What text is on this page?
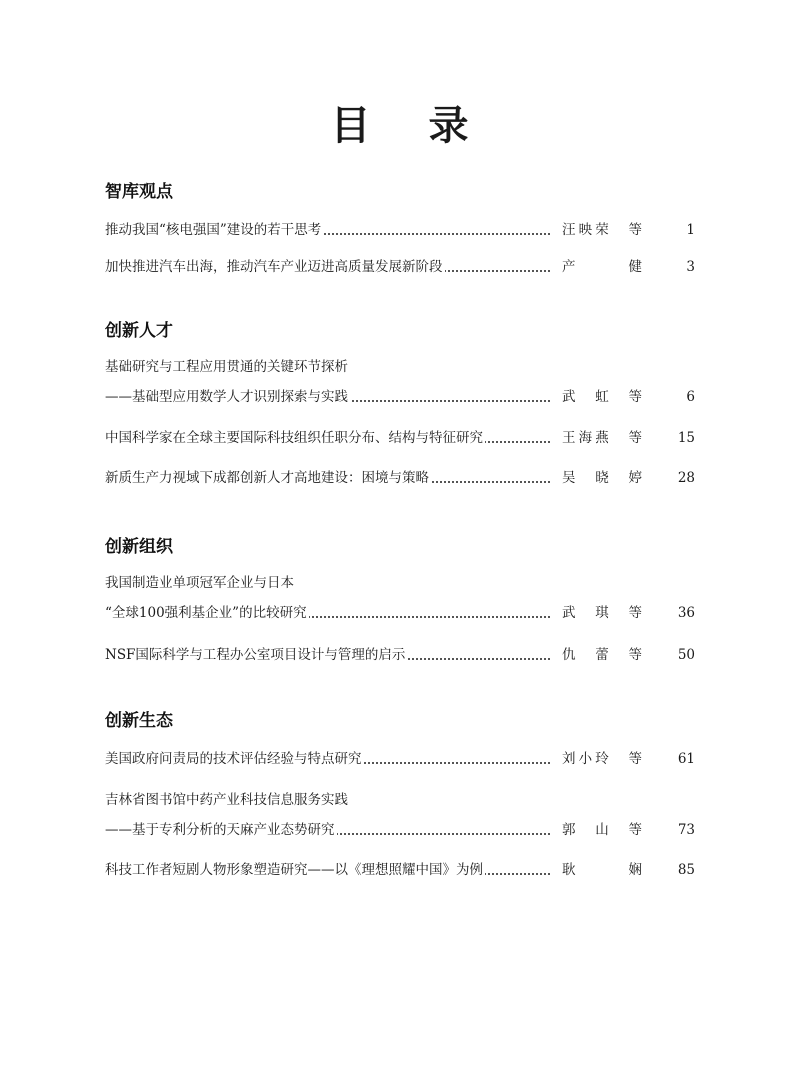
目 录
智库观点
推动我国“核电强国”建设的若干思考	汪映荣　等	1
加快推进汽车出海，推动汽车产业迈进高质量发展新阶段	产　健	3
创新人才
基础研究与工程应用贯通的关键环节探析
——基础型应用数学人才识别探索与实践	武　虹　等	6
中国科学家在全球主要国际科技组织任职分布、结构与特征研究	王海燕　等	15
新质生产力视域下成都创新人才高地建设：困境与策略	吴晓婷	28
创新组织
我国制造业单项冠军企业与日本
“全球100强利基企业”的比较研究	武　琪　等	36
NSF国际科学与工程办公室项目设计与管理的启示	仇　蕾　等	50
创新生态
美国政府问责局的技术评估经验与特点研究	刘小玲　等	61
吉林省图书馆中药产业科技信息服务实践
——基于专利分析的天麻产业态势研究	郭　山　等	73
科技工作者短剧人物形象塑造研究——以《理想照耀中国》为例	耿　娴	85
